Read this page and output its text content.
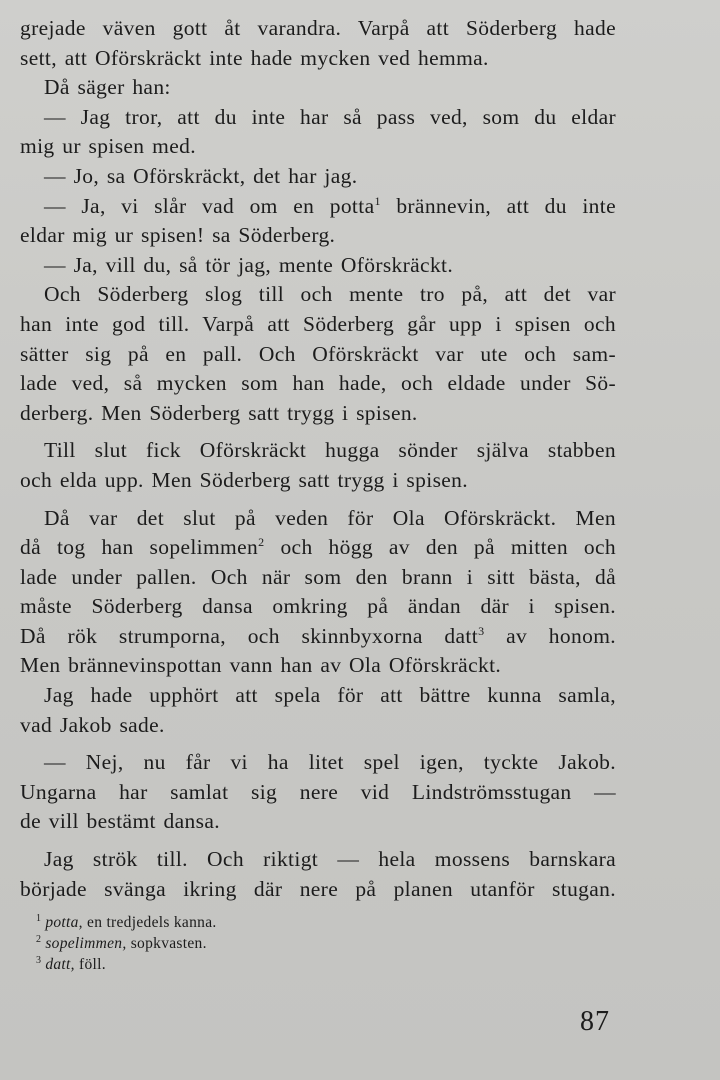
grejade väven gott åt varandra. Varpå att Söderberg hade
sett, att Oförskräckt inte hade mycken ved hemma.
Då säger han:
— Jag tror, att du inte har så pass ved, som du eldar
mig ur spisen med.
— Jo, sa Oförskräckt, det har jag.
— Ja, vi slår vad om en potta$^1$ brännevin, att du inte
eldar mig ur spisen! sa Söderberg.
— Ja, vill du, så tör jag, mente Oförskräckt.
Och Söderberg slog till och mente tro på, att det var
han inte god till. Varpå att Söderberg går upp i spisen och
sätter sig på en pall. Och Oförskräckt var ute och sam-
lade ved, så mycken som han hade, och eldade under Sö-
derberg. Men Söderberg satt trygg i spisen.
Till slut fick Oförskräckt hugga sönder själva stabben
och elda upp. Men Söderberg satt trygg i spisen.
Då var det slut på veden för Ola Oförskräckt. Men
då tog han sopelimmen$^2$ och högg av den på mitten och
lade under pallen. Och när som den brann i sitt bästa, då
måste Söderberg dansa omkring på ändan där i spisen.
Då rök strumporna, och skinnbyxorna datt$^3$ av honom.
Men brännevinspottan vann han av Ola Oförskräckt.
Jag hade upphört att spela för att bättre kunna samla,
vad Jakob sade.
— Nej, nu får vi ha litet spel igen, tyckte Jakob.
Ungarna har samlat sig nere vid Lindströmsstugan —
de vill bestämt dansa.
Jag strök till. Och riktigt — hela mossens barnskara
började svänga ikring där nere på planen utanför stugan.
$^1$ potta, en tredjedels kanna.
$^2$ sopelimmen, sopkvasten.
$^3$ datt, föll.
87
